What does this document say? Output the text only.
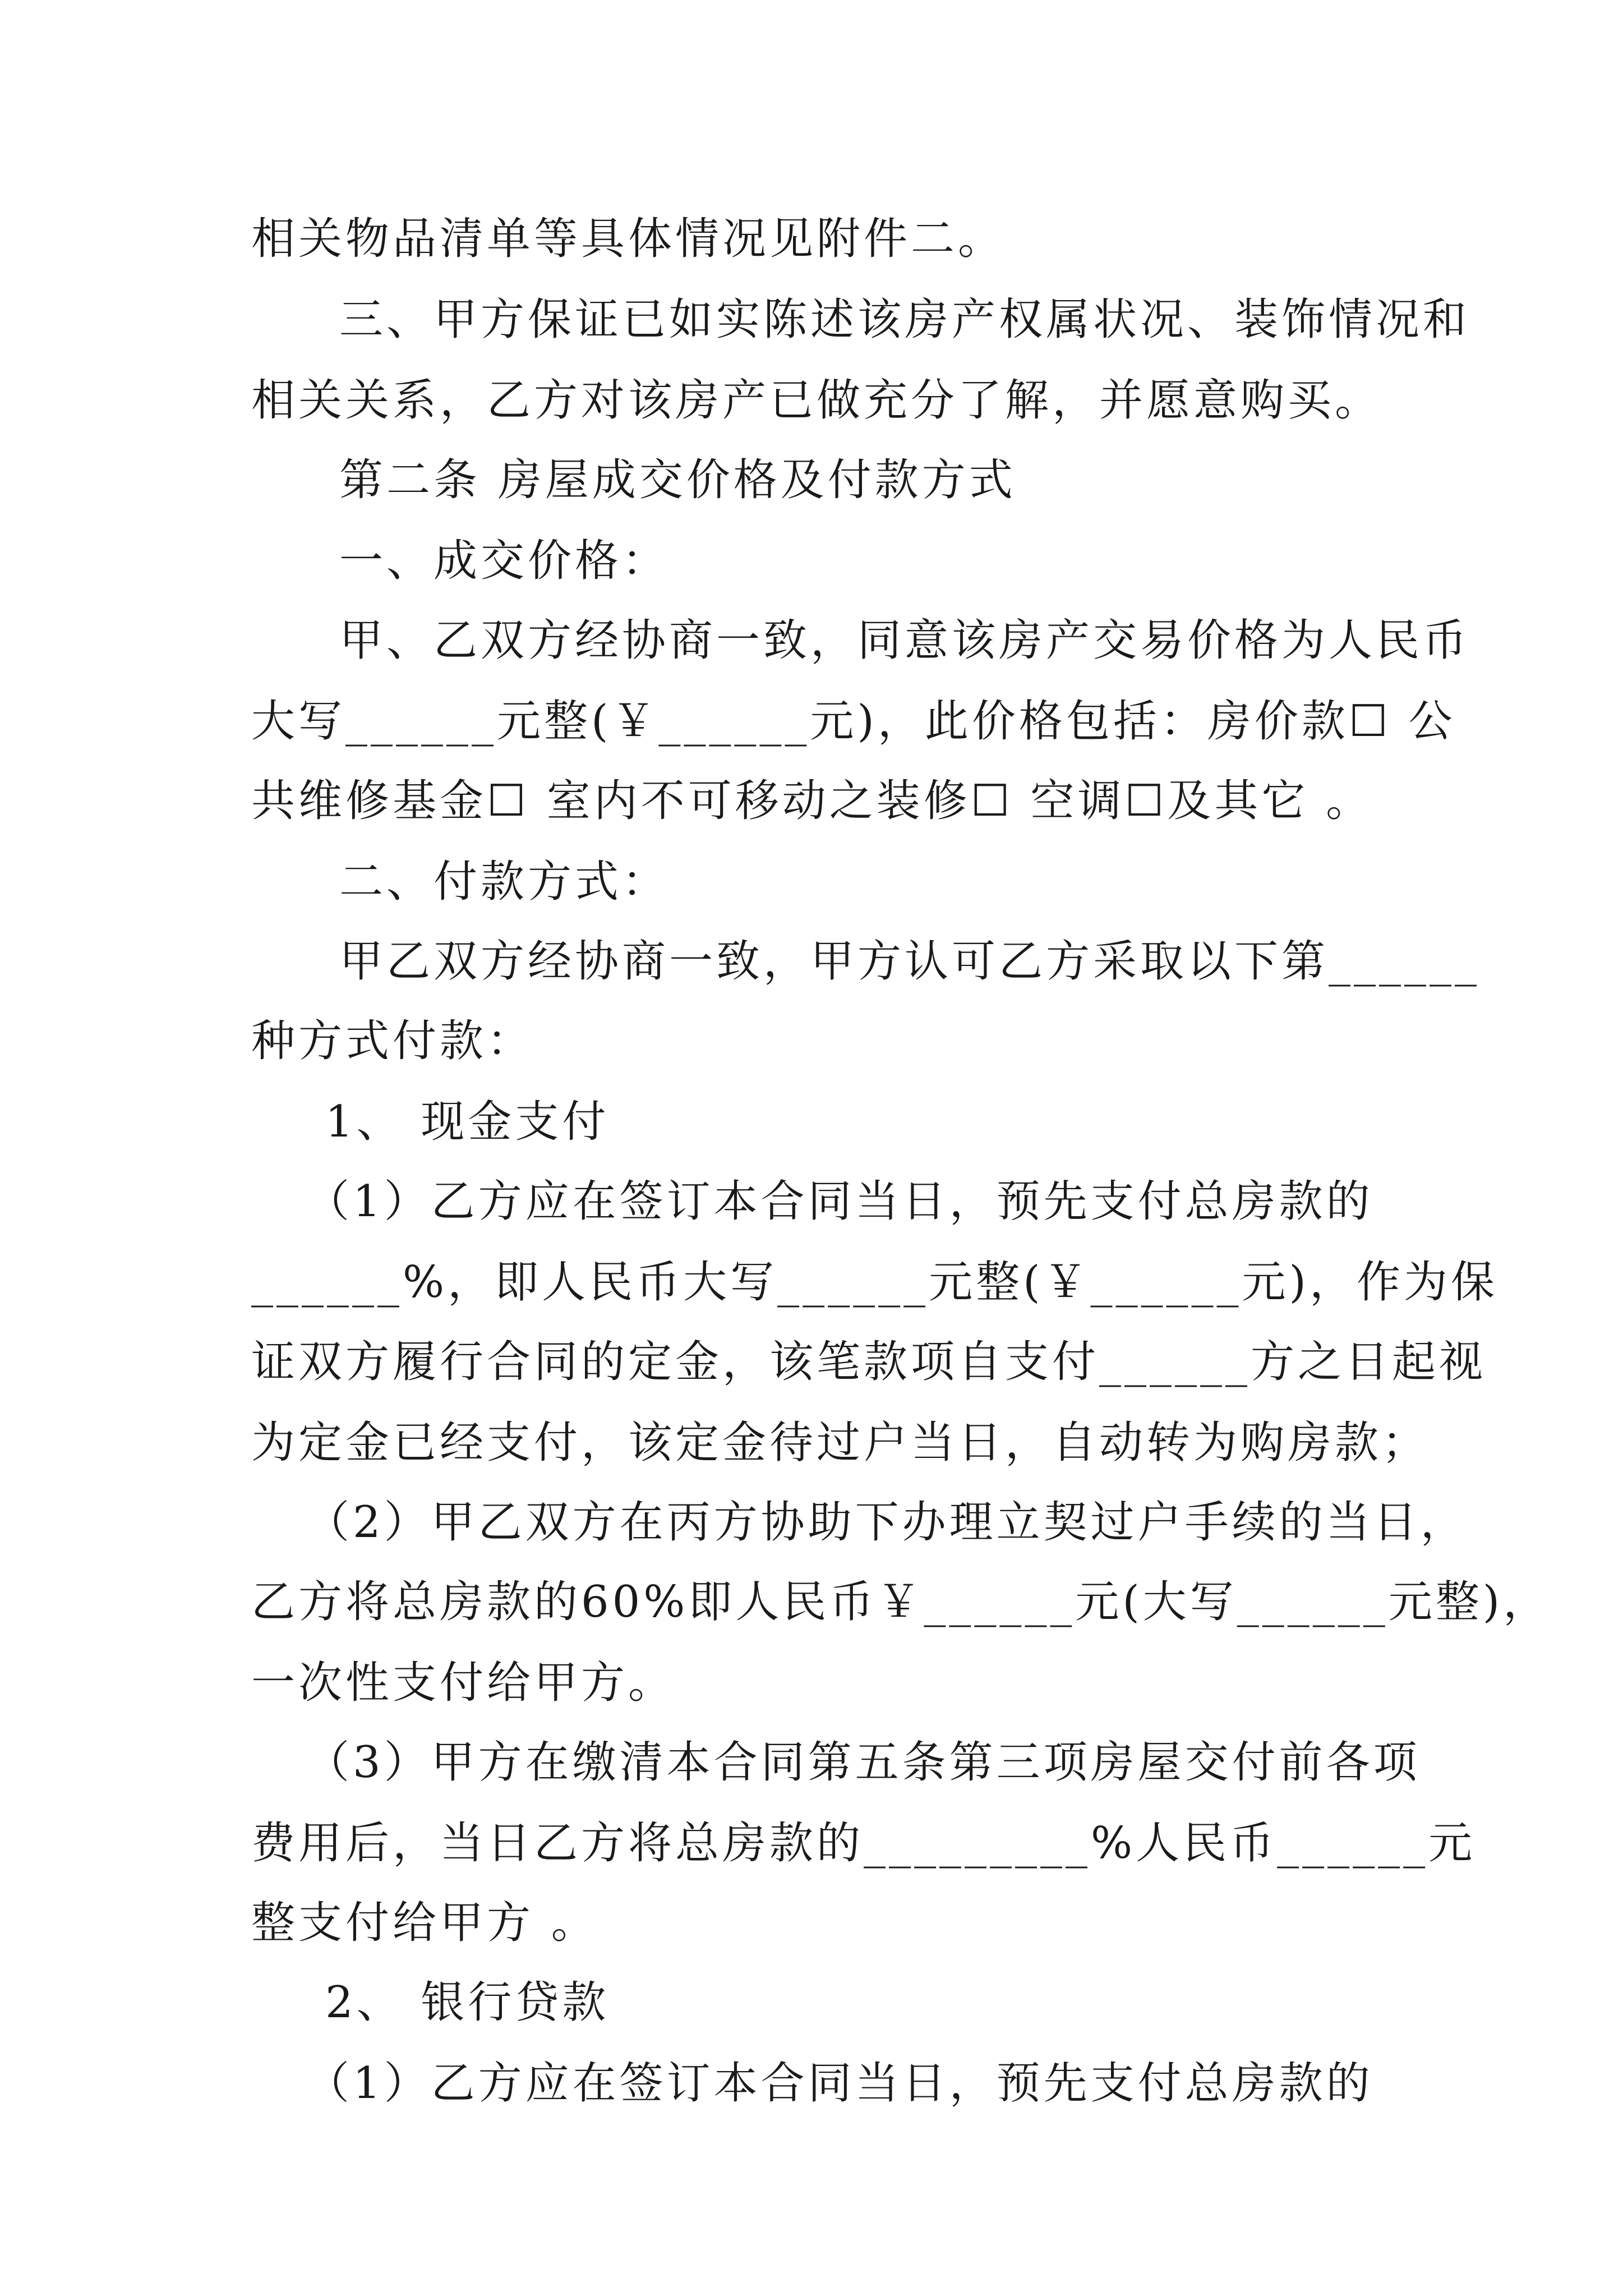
相关物品清单等具体情况见附件二。
三、甲方保证已如实陈述该房产权属状况、装饰情况和
相关关系，乙方对该房产已做充分了解，并愿意购买。
第二条 房屋成交价格及付款方式
一、成交价格：
甲、乙双方经协商一致，同意该房产交易价格为人民币
大写______元整(￥______元)，此价格包括：房价款☐ 公
共维修基金☐ 室内不可移动之装修☐ 空调☐及其它 。
二、付款方式：
甲乙双方经协商一致，甲方认可乙方采取以下第______
种方式付款：
1、 现金支付
（1）乙方应在签订本合同当日，预先支付总房款的
______%，即人民币大写______元整(￥______元)，作为保
证双方履行合同的定金，该笔款项自支付______方之日起视
为定金已经支付，该定金待过户当日，自动转为购房款；
（2）甲乙双方在丙方协助下办理立契过户手续的当日，
乙方将总房款的60%即人民币￥______元(大写______元整)，
一次性支付给甲方。
（3）甲方在缴清本合同第五条第三项房屋交付前各项
费用后，当日乙方将总房款的_________%人民币______元
整支付给甲方 。
2、 银行贷款
（1）乙方应在签订本合同当日，预先支付总房款的
